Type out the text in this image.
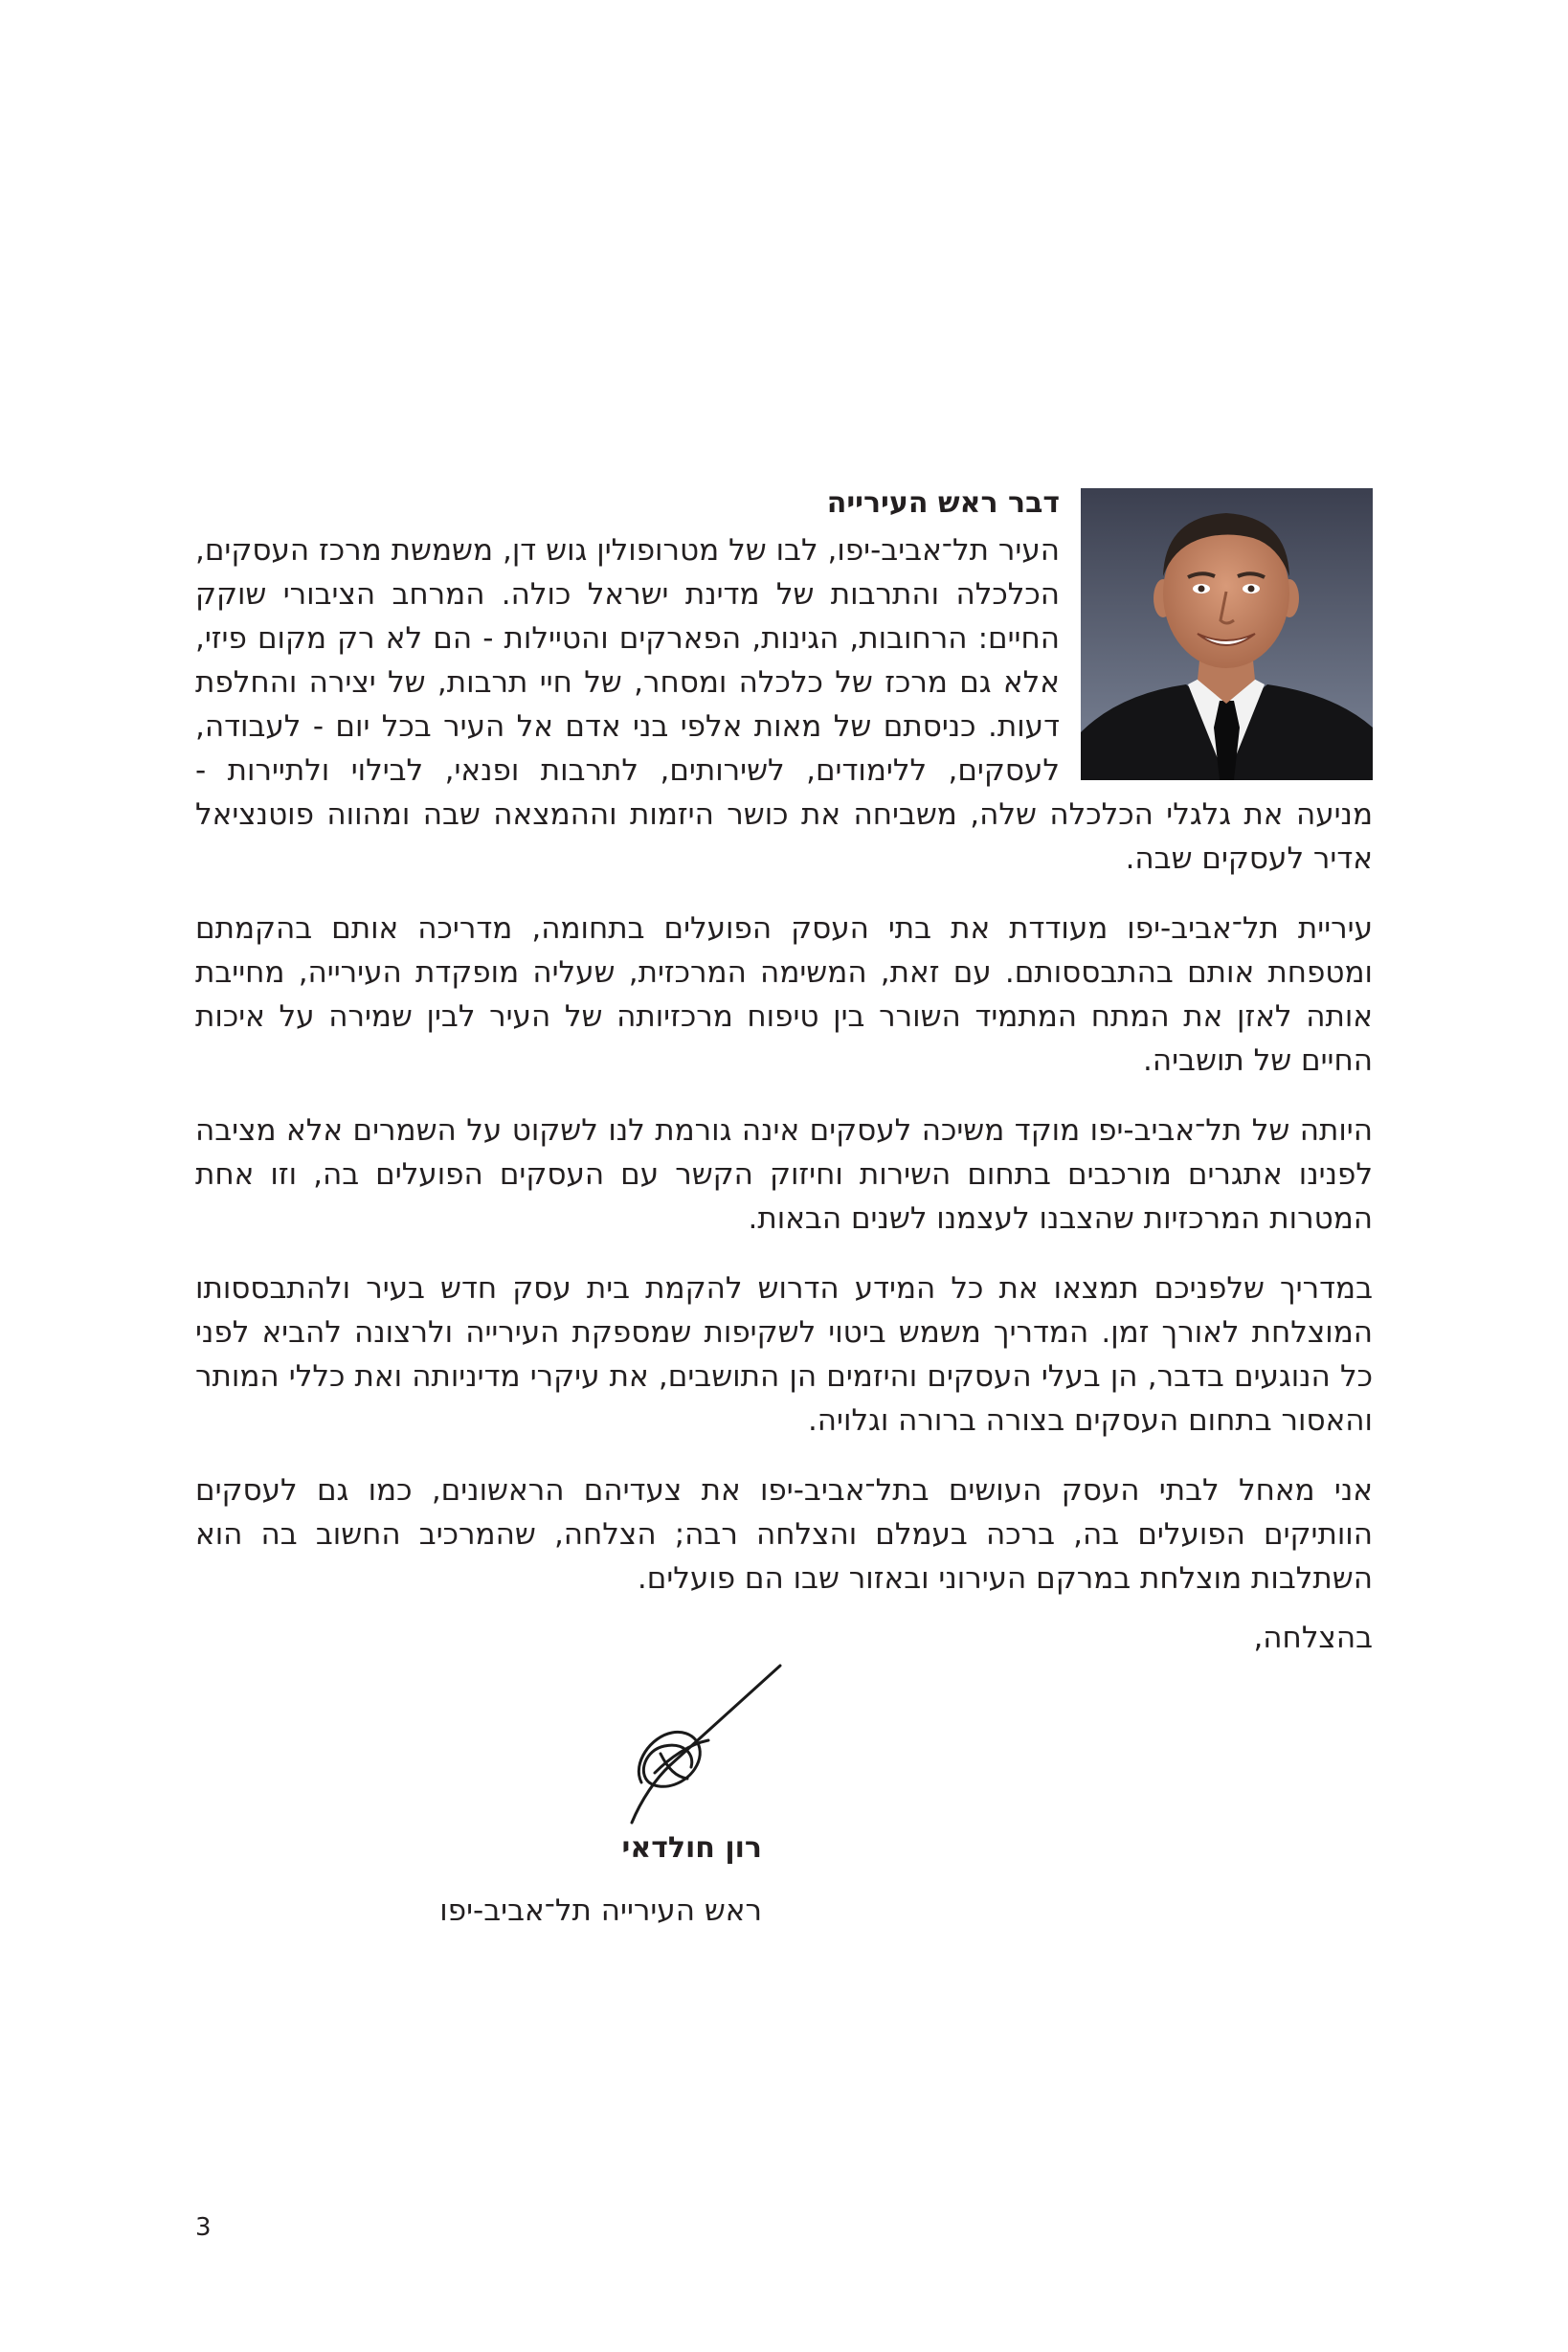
דבר ראש העירייה

העיר תל־אביב-יפו, לבו של מטרופולין גוש דן, משמשת מרכז העסקים, הכלכלה והתרבות של מדינת ישראל כולה. המרחב הציבורי שוקק החיים: הרחובות, הגינות, הפארקים והטיילות - הם לא רק מקום פיזי, אלא גם מרכז של כלכלה ומסחר, של חיי תרבות, של יצירה והחלפת דעות. כניסתם של מאות אלפי בני אדם אל העיר בכל יום - לעבודה, לעסקים, ללימודים, לשירותים, לתרבות ופנאי, לבילוי ולתיירות - מניעה את גלגלי הכלכלה שלה, משביחה את כושר היזמות וההמצאה שבה ומהווה פוטנציאל אדיר לעסקים שבה.

עיריית תל־אביב-יפו מעודדת את בתי העסק הפועלים בתחומה, מדריכה אותם בהקמתם ומטפחת אותם בהתבססותם. עם זאת, המשימה המרכזית, שעליה מופקדת העירייה, מחייבת אותה לאזן את המתח המתמיד השורר בין טיפוח מרכזיותה של העיר לבין שמירה על איכות החיים של תושביה.

היותה של תל־אביב-יפו מוקד משיכה לעסקים אינה גורמת לנו לשקוט על השמרים אלא מציבה לפנינו אתגרים מורכבים בתחום השירות וחיזוק הקשר עם העסקים הפועלים בה, וזו אחת המטרות המרכזיות שהצבנו לעצמנו לשנים הבאות.

במדריך שלפניכם תמצאו את כל המידע הדרוש להקמת בית עסק חדש בעיר ולהתבססותו המוצלחת לאורך זמן. המדריך משמש ביטוי לשקיפות שמספקת העירייה ולרצונה להביא לפני כל הנוגעים בדבר, הן בעלי העסקים והיזמים הן התושבים, את עיקרי מדיניותה ואת כללי המותר והאסור בתחום העסקים בצורה ברורה וגלויה.

אני מאחל לבתי העסק העושים בתל־אביב-יפו את צעדיהם הראשונים, כמו גם לעסקים הוותיקים הפועלים בה, ברכה בעמלם והצלחה רבה; הצלחה, שהמרכיב החשוב בה הוא השתלבות מוצלחת במרקם העירוני ובאזור שבו הם פועלים.

בהצלחה,
רון חולדאי
ראש העירייה תל־אביב-יפו
3
